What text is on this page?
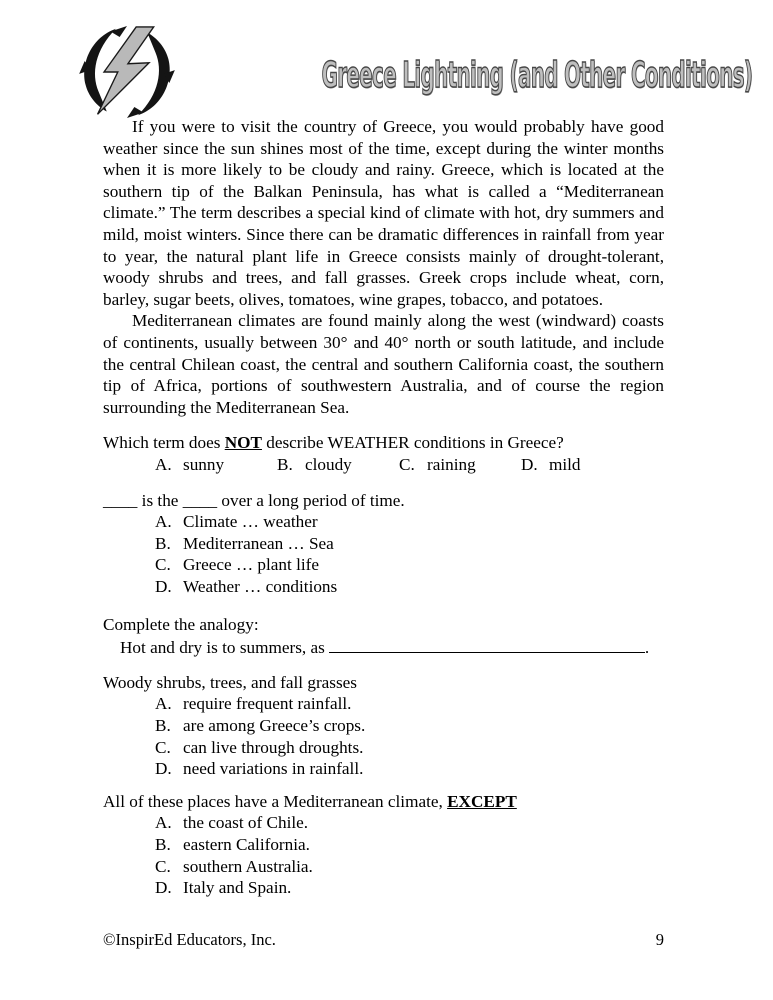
Greece Lightning (and Other Conditions)

If you were to visit the country of Greece, you would probably have good weather since the sun shines most of the time, except during the winter months when it is more likely to be cloudy and rainy. Greece, which is located at the southern tip of the Balkan Peninsula, has what is called a “Mediterranean climate.” The term describes a special kind of climate with hot, dry summers and mild, moist winters. Since there can be dramatic differences in rainfall from year to year, the natural plant life in Greece consists mainly of drought-tolerant, woody shrubs and trees, and fall grasses. Greek crops include wheat, corn, barley, sugar beets, olives, tomatoes, wine grapes, tobacco, and potatoes.

Mediterranean climates are found mainly along the west (windward) coasts of continents, usually between 30° and 40° north or south latitude, and include the central Chilean coast, the central and southern California coast, the southern tip of Africa, portions of southwestern Australia, and of course the region surrounding the Mediterranean Sea.

Which term does NOT describe WEATHER conditions in Greece?
A. sunny	B. cloudy	C. raining	D. mild
____ is the ____ over a long period of time.
A. Climate … weather
B. Mediterranean … Sea
C. Greece … plant life
D. Weather … conditions
Complete the analogy:
Hot and dry is to summers, as	.
Woody shrubs, trees, and fall grasses
A. require frequent rainfall.
B. are among Greece’s crops.
C. can live through droughts.
D. need variations in rainfall.
All of these places have a Mediterranean climate, EXCEPT
A. the coast of Chile.
B. eastern California.
C. southern Australia.
D. Italy and Spain.
©InspirEd Educators, Inc.	9
